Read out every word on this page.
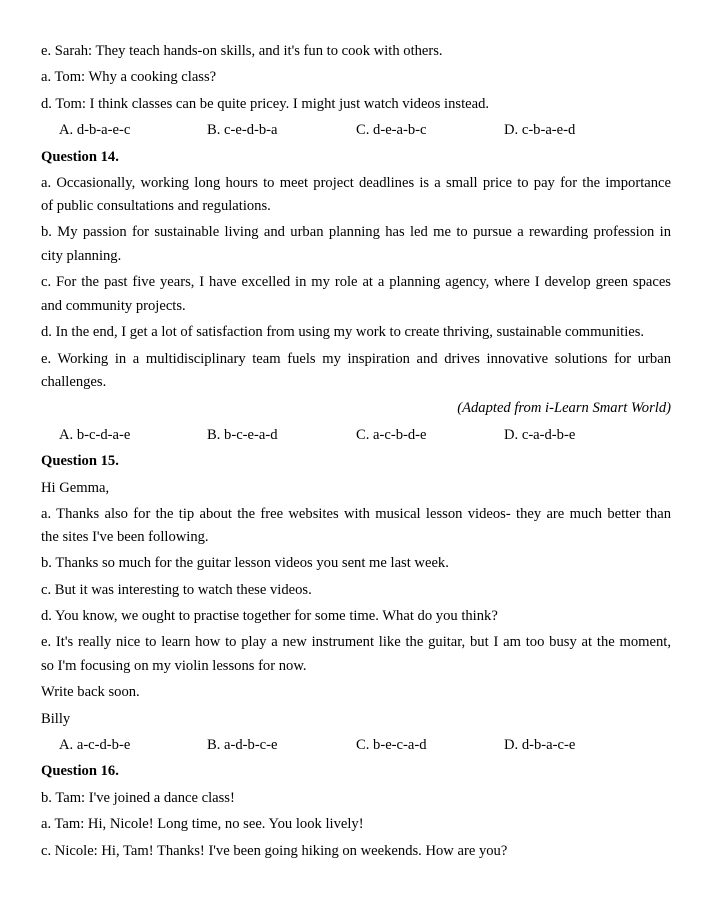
e. Sarah: They teach hands-on skills, and it's fun to cook with others.
a. Tom: Why a cooking class?
d. Tom: I think classes can be quite pricey. I might just watch videos instead.
A. d-b-a-e-c	B. c-e-d-b-a	C. d-e-a-b-c	D. c-b-a-e-d
Question 14.
a. Occasionally, working long hours to meet project deadlines is a small price to pay for the importance
of public consultations and regulations.
b. My passion for sustainable living and urban planning has led me to pursue a rewarding profession in
city planning.
c. For the past five years, I have excelled in my role at a planning agency, where I develop green spaces
and community projects.
d. In the end, I get a lot of satisfaction from using my work to create thriving, sustainable communities.
e. Working in a multidisciplinary team fuels my inspiration and drives innovative solutions for urban
challenges.
(Adapted from i-Learn Smart World)
A. b-c-d-a-e	B. b-c-e-a-d	C. a-c-b-d-e	D. c-a-d-b-e
Question 15.
Hi Gemma,
a. Thanks also for the tip about the free websites with musical lesson videos- they are much better than
the sites I've been following.
b. Thanks so much for the guitar lesson videos you sent me last week.
c. But it was interesting to watch these videos.
d. You know, we ought to practise together for some time. What do you think?
e. It's really nice to learn how to play a new instrument like the guitar, but I am too busy at the moment,
so I'm focusing on my violin lessons for now.
Write back soon.
Billy
A. a-c-d-b-e	B. a-d-b-c-e	C. b-e-c-a-d	D. d-b-a-c-e
Question 16.
b. Tam: I've joined a dance class!
a. Tam: Hi, Nicole! Long time, no see. You look lively!
c. Nicole: Hi, Tam! Thanks! I've been going hiking on weekends. How are you?
